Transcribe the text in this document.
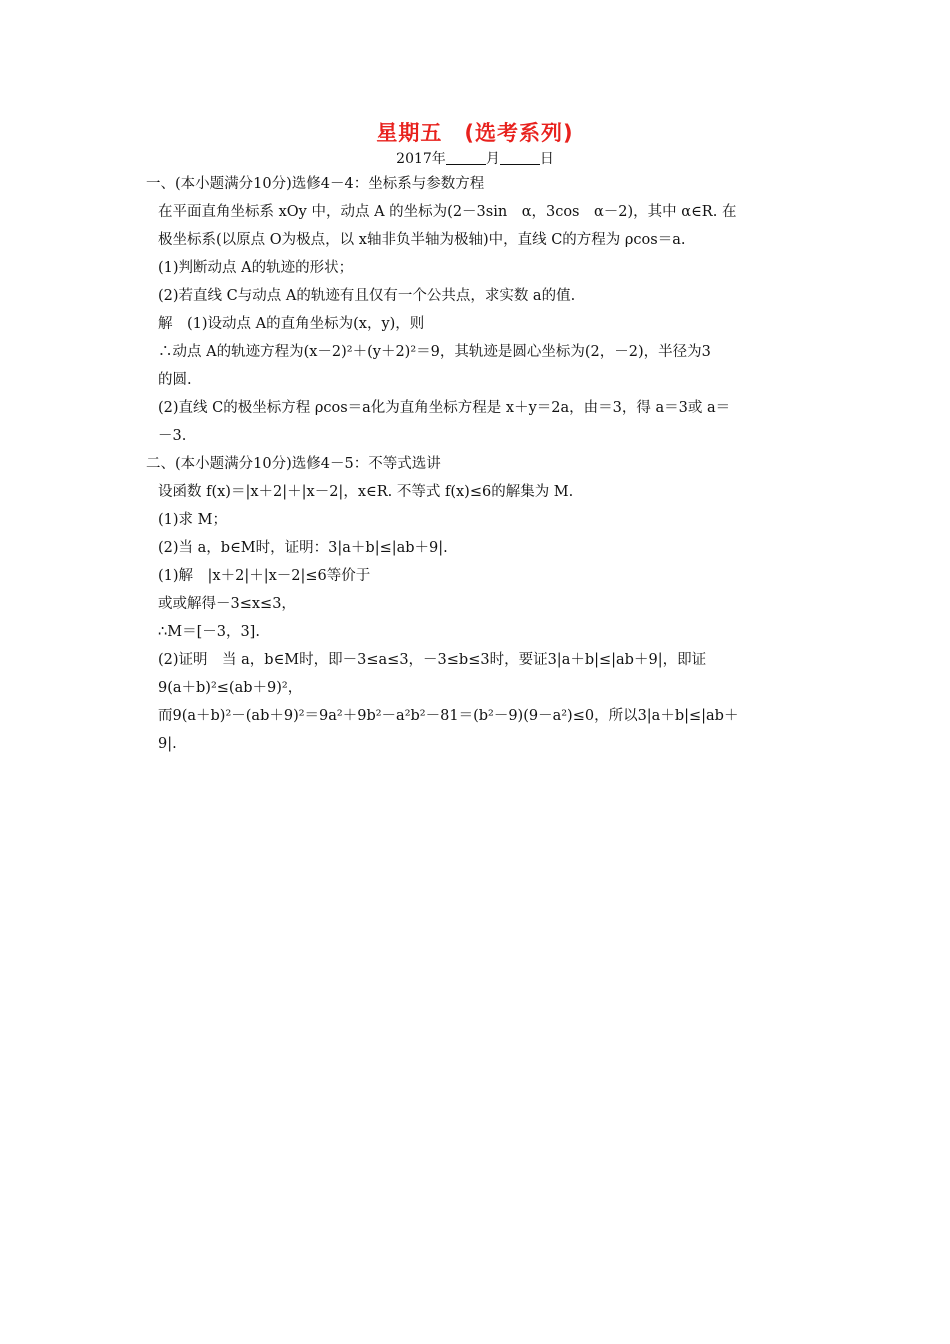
星期五　(选考系列)
2017年	月	日
一、(本小题满分10分)选修4－4：坐标系与参数方程
在平面直角坐标系 xOy 中，动点 A 的坐标为(2－3sin　α，3cos　α－2)，其中 α∈R. 在
极坐标系(以原点 O为极点，以 x轴非负半轴为极轴)中，直线 C的方程为 ρcos＝a.
(1)判断动点 A的轨迹的形状；
(2)若直线 C与动点 A的轨迹有且仅有一个公共点，求实数 a的值.
解　(1)设动点 A的直角坐标为(x，y)，则
∴动点 A的轨迹方程为(x－2)²＋(y＋2)²＝9，其轨迹是圆心坐标为(2，－2)，半径为3
的圆.
(2)直线 C的极坐标方程 ρcos＝a化为直角坐标方程是 x＋y＝2a，由＝3，得 a＝3或 a＝
－3.
二、(本小题满分10分)选修4－5：不等式选讲
设函数 f(x)＝|x＋2|＋|x－2|，x∈R. 不等式 f(x)≤6的解集为 M.
(1)求 M；
(2)当 a，b∈M时，证明：3|a＋b|≤|ab＋9|.
(1)解　|x＋2|＋|x－2|≤6等价于
或或解得－3≤x≤3，
∴M＝[－3，3].
(2)证明　当 a，b∈M时，即－3≤a≤3，－3≤b≤3时，要证3|a＋b|≤|ab＋9|，即证
9(a＋b)²≤(ab＋9)²，
而9(a＋b)²－(ab＋9)²＝9a²＋9b²－a²b²－81＝(b²－9)(9－a²)≤0，所以3|a＋b|≤|ab＋
9|.
